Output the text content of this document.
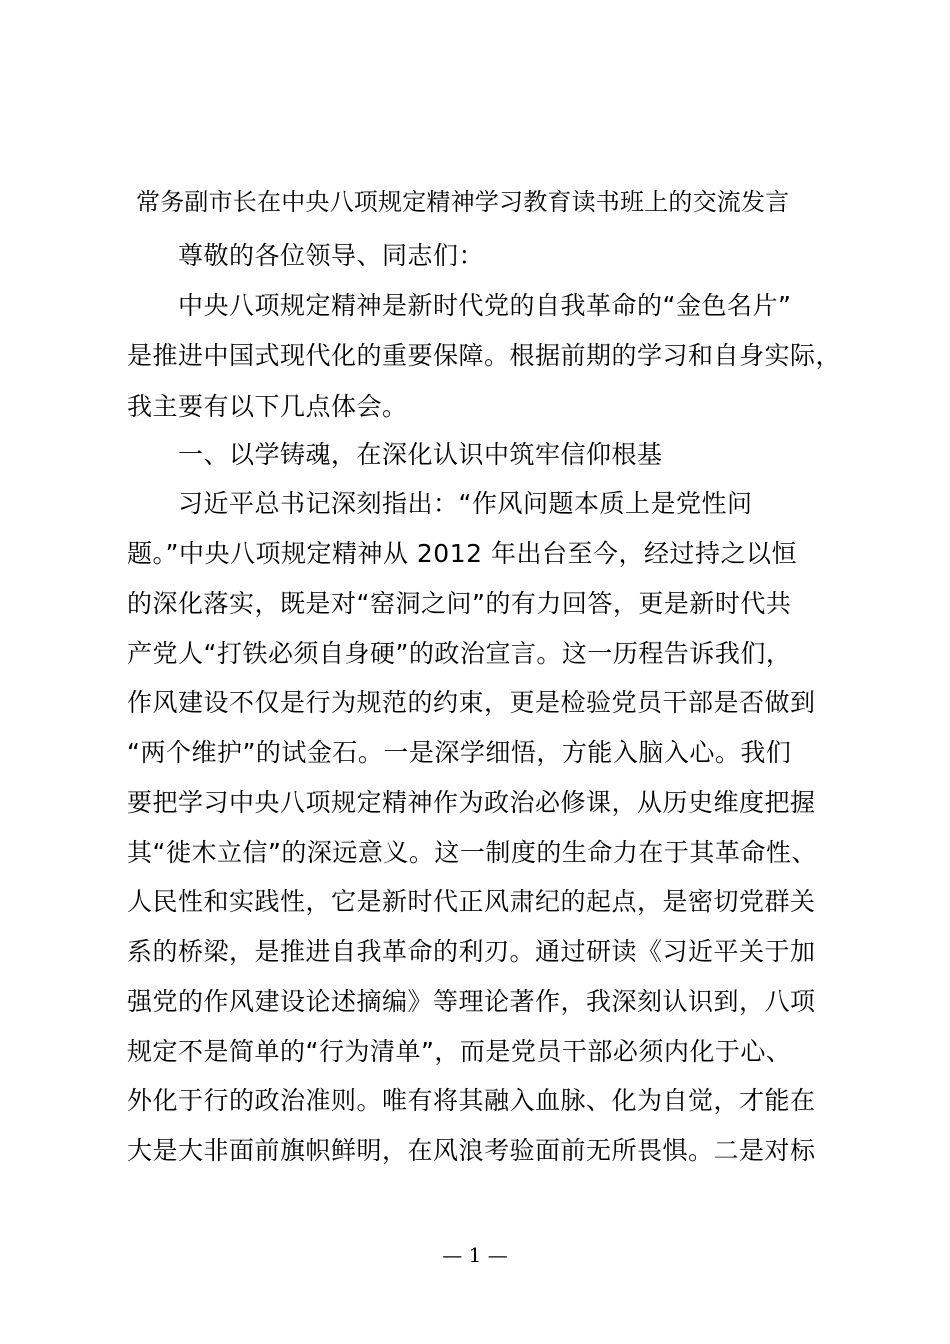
常务副市长在中央八项规定精神学习教育读书班上的交流发言
尊敬的各位领导、同志们：
中央八项规定精神是新时代党的自我革命的“金色名片”
是推进中国式现代化的重要保障。根据前期的学习和自身实际，
我主要有以下几点体会。
一、以学铸魂，在深化认识中筑牢信仰根基
习近平总书记深刻指出：“作风问题本质上是党性问
题。”中央八项规定精神从 2012 年出台至今，经过持之以恒
的深化落实，既是对“窑洞之问”的有力回答，更是新时代共
产党人“打铁必须自身硬”的政治宣言。这一历程告诉我们，
作风建设不仅是行为规范的约束，更是检验党员干部是否做到
“两个维护”的试金石。一是深学细悟，方能入脑入心。我们
要把学习中央八项规定精神作为政治必修课，从历史维度把握
其“徙木立信”的深远意义。这一制度的生命力在于其革命性、
人民性和实践性，它是新时代正风肃纪的起点，是密切党群关
系的桥梁，是推进自我革命的利刃。通过研读《习近平关于加
强党的作风建设论述摘编》等理论著作，我深刻认识到，八项
规定不是简单的“行为清单”，而是党员干部必须内化于心、
外化于行的政治准则。唯有将其融入血脉、化为自觉，才能在
大是大非面前旗帜鲜明，在风浪考验面前无所畏惧。二是对标
— 1 —
